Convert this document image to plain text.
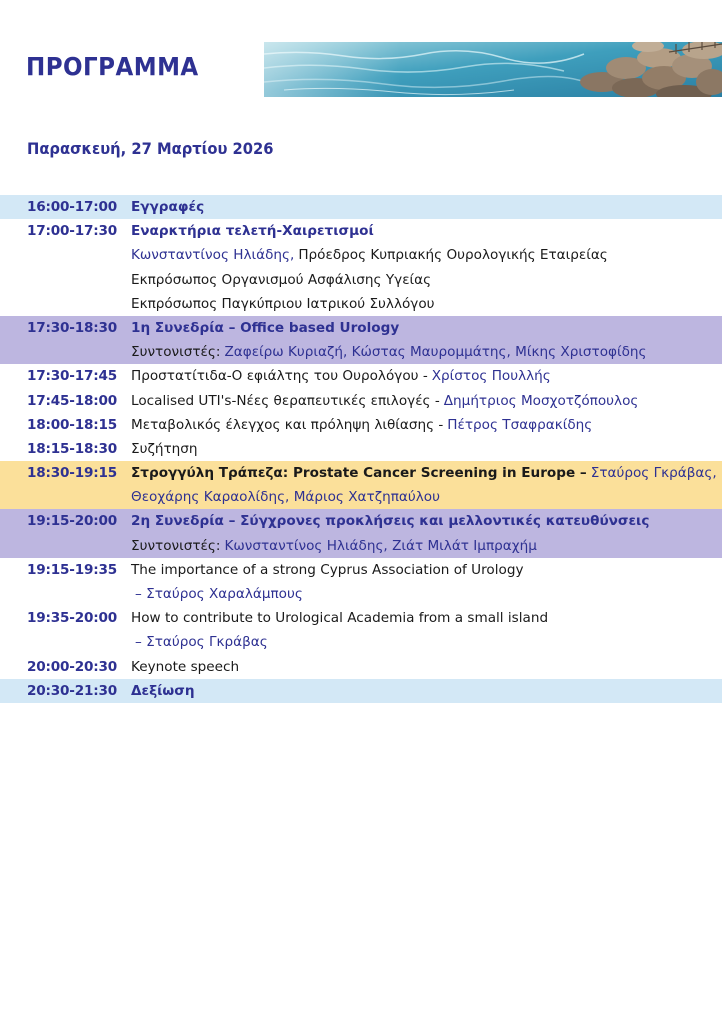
ΠΡΟΓΡΑΜΜΑ
Παρασκευή, 27 Μαρτίου 2026
16:00-17:00 Εγγραφές
17:00-17:30 Εναρκτήρια τελετή-Χαιρετισμοί
Κωνσταντίνος Ηλιάδης, Πρόεδρος Κυπριακής Ουρολογικής Εταιρείας
Εκπρόσωπος Οργανισμού Ασφάλισης Υγείας
Εκπρόσωπος Παγκύπριου Ιατρικού Συλλόγου
17:30-18:30 1η Συνεδρία – Office based Urology
Συντονιστές: Ζαφείρω Κυριαζή, Κώστας Μαυρομμάτης, Μίκης Χριστοφίδης
17:30-17:45 Προστατίτιδα-Ο εφιάλτης του Ουρολόγου - Χρίστος Πουλλής
17:45-18:00 Localised UTI's-Νέες θεραπευτικές επιλογές - Δημήτριος Μοσχοτζόπουλος
18:00-18:15 Μεταβολικός έλεγχος και πρόληψη λιθίασης - Πέτρος Τσαφρακίδης
18:15-18:30 Συζήτηση
18:30-19:15 Στρογγύλη Τράπεζα: Prostate Cancer Screening in Europe – Σταύρος Γκράβας,
Θεοχάρης Καραολίδης, Μάριος Χατζηπαύλου
19:15-20:00 2η Συνεδρία – Σύγχρονες προκλήσεις και μελλοντικές κατευθύνσεις
Συντονιστές: Κωνσταντίνος Ηλιάδης, Ζιάτ Μιλάτ Ιμπραχήμ
19:15-19:35 The importance of a strong Cyprus Association of Urology
– Σταύρος Χαραλάμπους
19:35-20:00 How to contribute to Urological Academia from a small island
– Σταύρος Γκράβας
20:00-20:30 Keynote speech
20:30-21:30 Δεξίωση
